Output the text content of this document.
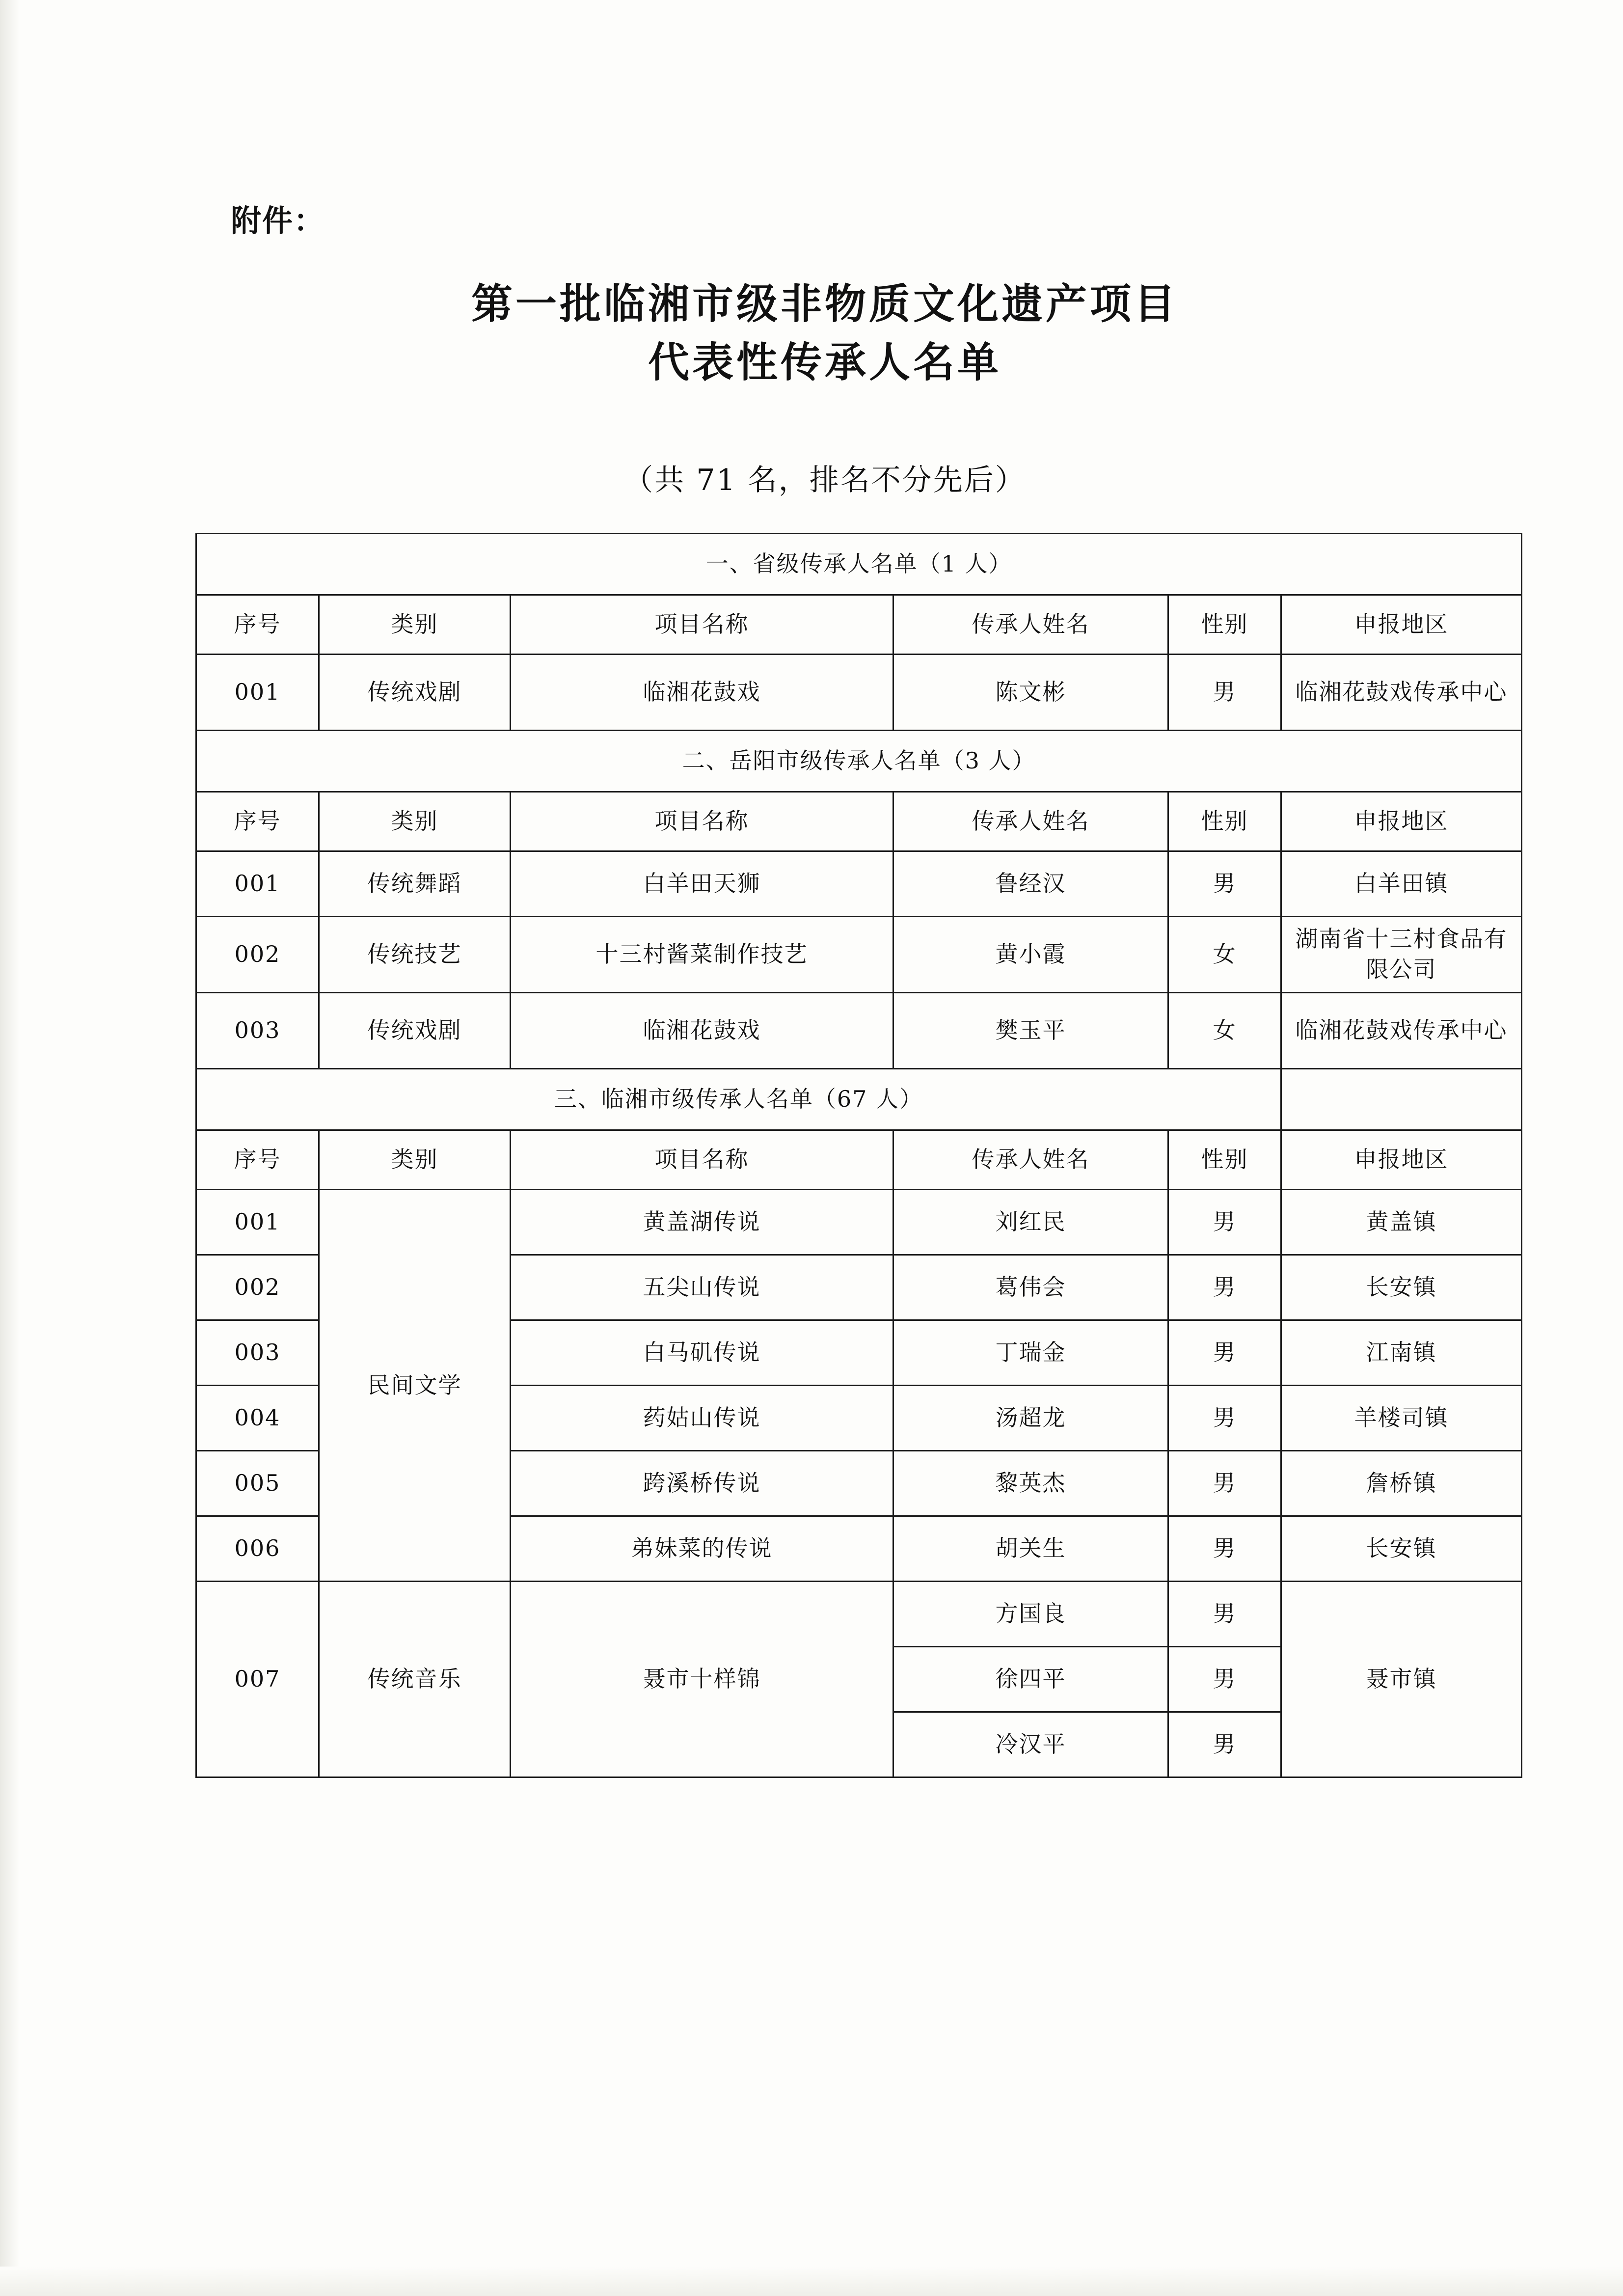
附件：
第一批临湘市级非物质文化遗产项目
代表性传承人名单
（共 71 名，排名不分先后）
一、省级传承人名单（1 人）					
序号	类别	项目名称	传承人姓名	性别	申报地区
001	传统戏剧	临湘花鼓戏	陈文彬	男	临湘花鼓戏传承中心
二、岳阳市级传承人名单（3 人）					
序号	类别	项目名称	传承人姓名	性别	申报地区
001	传统舞蹈	白羊田天狮	鲁经汉	男	白羊田镇
002	传统技艺	十三村酱菜制作技艺	黄小霞	女	湖南省十三村食品有限公司
003	传统戏剧	临湘花鼓戏	樊玉平	女	临湘花鼓戏传承中心
三、临湘市级传承人名单（67 人）					
序号	类别	项目名称	传承人姓名	性别	申报地区
001	民间文学	黄盖湖传说	刘红民	男	黄盖镇
002		五尖山传说	葛伟会	男	长安镇
003		白马矶传说	丁瑞金	男	江南镇
004		药姑山传说	汤超龙	男	羊楼司镇
005		跨溪桥传说	黎英杰	男	詹桥镇
006		弟妹菜的传说	胡关生	男	长安镇
007	传统音乐	聂市十样锦	方国良	男	聂市镇
			徐四平	男	
			冷汉平	男	
